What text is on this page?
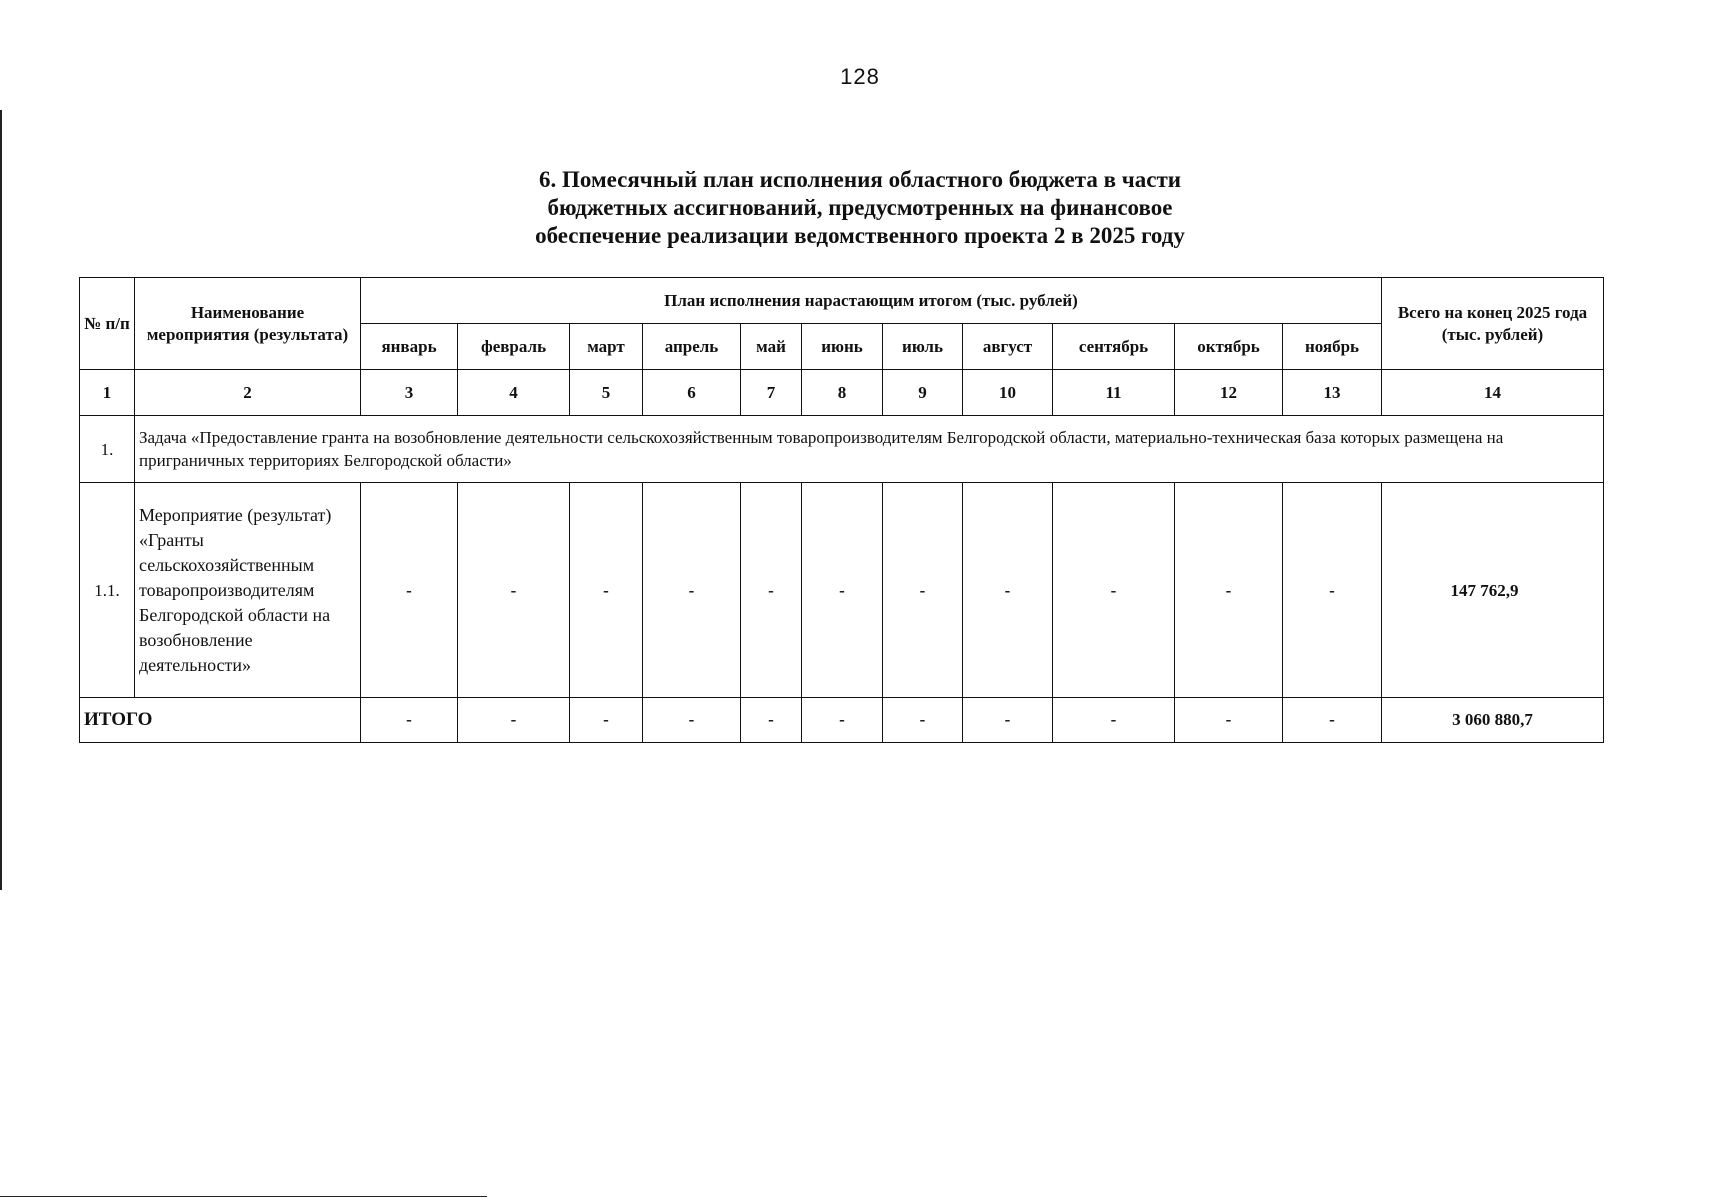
128
6. Помесячный план исполнения областного бюджета в части
бюджетных ассигнований, предусмотренных на финансовое
обеспечение реализации ведомственного проекта 2 в 2025 году
№ п/п	Наименование мероприятия (результата)	План исполнения нарастающим итогом (тыс. рублей)											Всего на конец 2025 года (тыс. рублей)
		январь	февраль	март	апрель	май	июнь	июль	август	сентябрь	октябрь	ноябрь	
1	2	3	4	5	6	7	8	9	10	11	12	13	14
1.	Задача «Предоставление гранта на возобновление деятельности сельскохозяйственным товаропроизводителям Белгородской области, материально-техническая база которых размещена на приграничных территориях Белгородской области»												
1.1.	Мероприятие (результат) «Гранты сельскохозяйственным товаропроизводителям Белгородской области на возобновление деятельности»	-	-	-	-	-	-	-	-	-	-	-	147 762,9
ИТОГО		-	-	-	-	-	-	-	-	-	-	-	3 060 880,7
